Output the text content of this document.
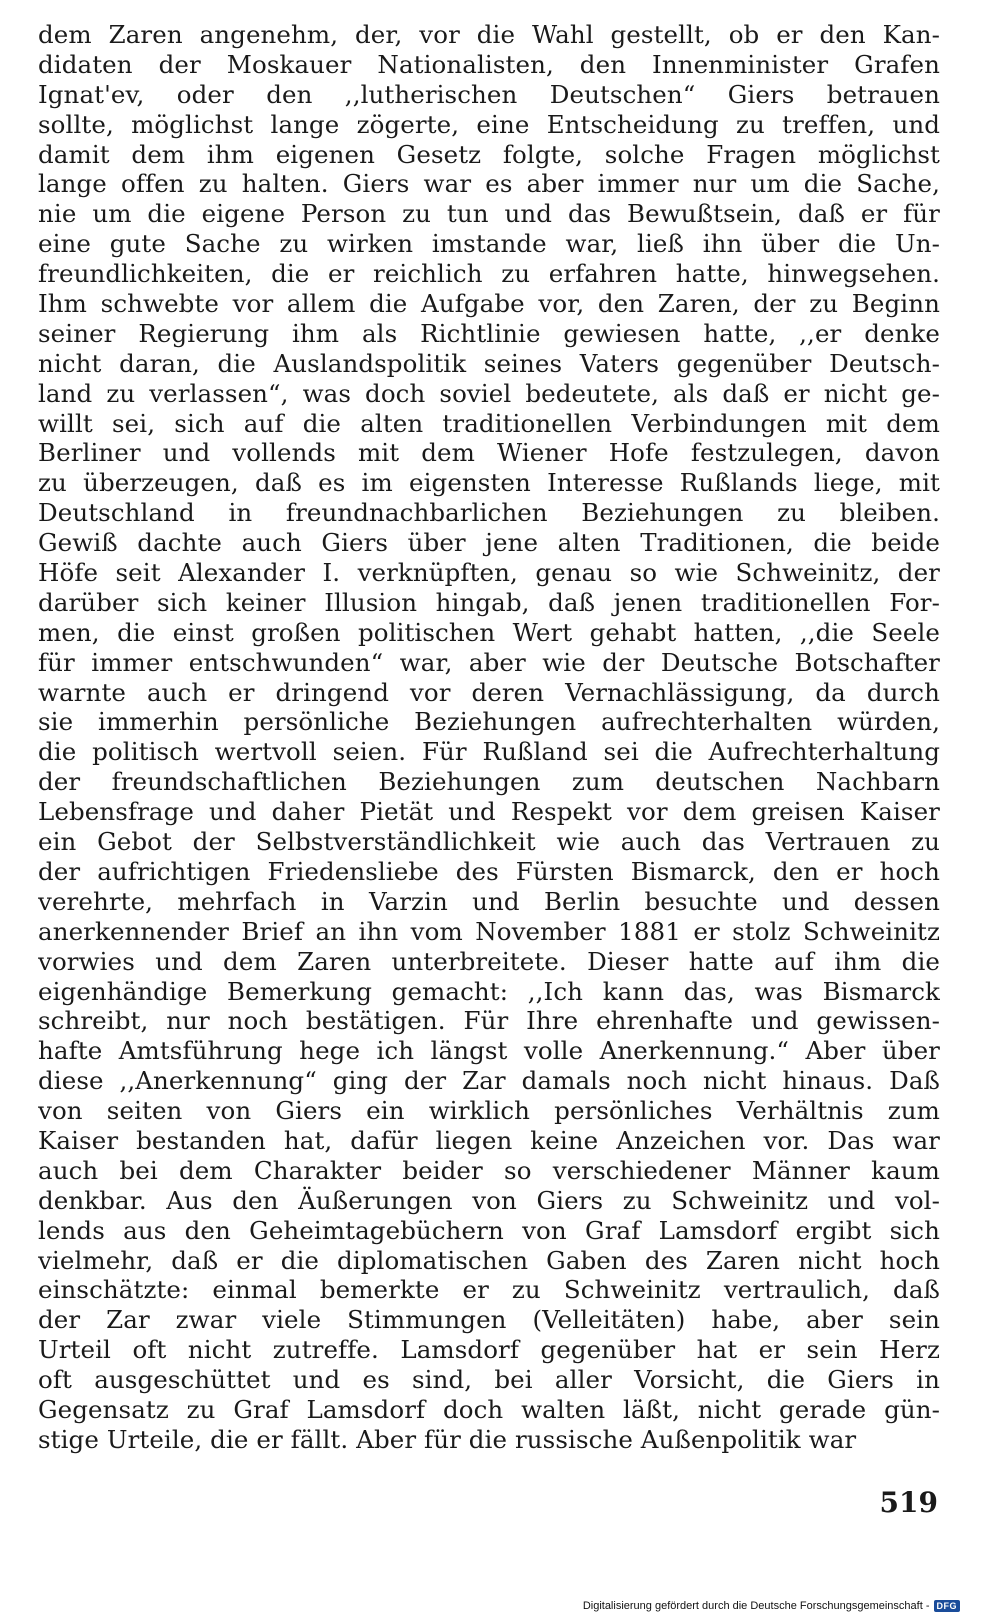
dem Zaren angenehm, der, vor die Wahl gestellt, ob er den Kan-
didaten der Moskauer Nationalisten, den Innenminister Grafen
Ignat'ev, oder den ,,lutherischen Deutschen“ Giers betrauen
sollte, möglichst lange zögerte, eine Entscheidung zu treffen, und
damit dem ihm eigenen Gesetz folgte, solche Fragen möglichst
lange offen zu halten. Giers war es aber immer nur um die Sache,
nie um die eigene Person zu tun und das Bewußtsein, daß er für
eine gute Sache zu wirken imstande war, ließ ihn über die Un-
freundlichkeiten, die er reichlich zu erfahren hatte, hinwegsehen.
Ihm schwebte vor allem die Aufgabe vor, den Zaren, der zu Beginn
seiner Regierung ihm als Richtlinie gewiesen hatte, ,,er denke
nicht daran, die Auslandspolitik seines Vaters gegenüber Deutsch-
land zu verlassen“, was doch soviel bedeutete, als daß er nicht ge-
willt sei, sich auf die alten traditionellen Verbindungen mit dem
Berliner und vollends mit dem Wiener Hofe festzulegen, davon
zu überzeugen, daß es im eigensten Interesse Rußlands liege, mit
Deutschland in freundnachbarlichen Beziehungen zu bleiben.
Gewiß dachte auch Giers über jene alten Traditionen, die beide
Höfe seit Alexander I. verknüpften, genau so wie Schweinitz, der
darüber sich keiner Illusion hingab, daß jenen traditionellen For-
men, die einst großen politischen Wert gehabt hatten, ,,die Seele
für immer entschwunden“ war, aber wie der Deutsche Botschafter
warnte auch er dringend vor deren Vernachlässigung, da durch
sie immerhin persönliche Beziehungen aufrechterhalten würden,
die politisch wertvoll seien. Für Rußland sei die Aufrechterhaltung
der freundschaftlichen Beziehungen zum deutschen Nachbarn
Lebensfrage und daher Pietät und Respekt vor dem greisen Kaiser
ein Gebot der Selbstverständlichkeit wie auch das Vertrauen zu
der aufrichtigen Friedensliebe des Fürsten Bismarck, den er hoch
verehrte, mehrfach in Varzin und Berlin besuchte und dessen
anerkennender Brief an ihn vom November 1881 er stolz Schweinitz
vorwies und dem Zaren unterbreitete. Dieser hatte auf ihm die
eigenhändige Bemerkung gemacht: ,,Ich kann das, was Bismarck
schreibt, nur noch bestätigen. Für Ihre ehrenhafte und gewissen-
hafte Amtsführung hege ich längst volle Anerkennung.“ Aber über
diese ,,Anerkennung“ ging der Zar damals noch nicht hinaus. Daß
von seiten von Giers ein wirklich persönliches Verhältnis zum
Kaiser bestanden hat, dafür liegen keine Anzeichen vor. Das war
auch bei dem Charakter beider so verschiedener Männer kaum
denkbar. Aus den Äußerungen von Giers zu Schweinitz und vol-
lends aus den Geheimtagebüchern von Graf Lamsdorf ergibt sich
vielmehr, daß er die diplomatischen Gaben des Zaren nicht hoch
einschätzte: einmal bemerkte er zu Schweinitz vertraulich, daß
der Zar zwar viele Stimmungen (Velleitäten) habe, aber sein
Urteil oft nicht zutreffe. Lamsdorf gegenüber hat er sein Herz
oft ausgeschüttet und es sind, bei aller Vorsicht, die Giers in
Gegensatz zu Graf Lamsdorf doch walten läßt, nicht gerade gün-
stige Urteile, die er fällt. Aber für die russische Außenpolitik war
519
Digitalisierung gefördert durch die Deutsche Forschungsgemeinschaft - DFG
